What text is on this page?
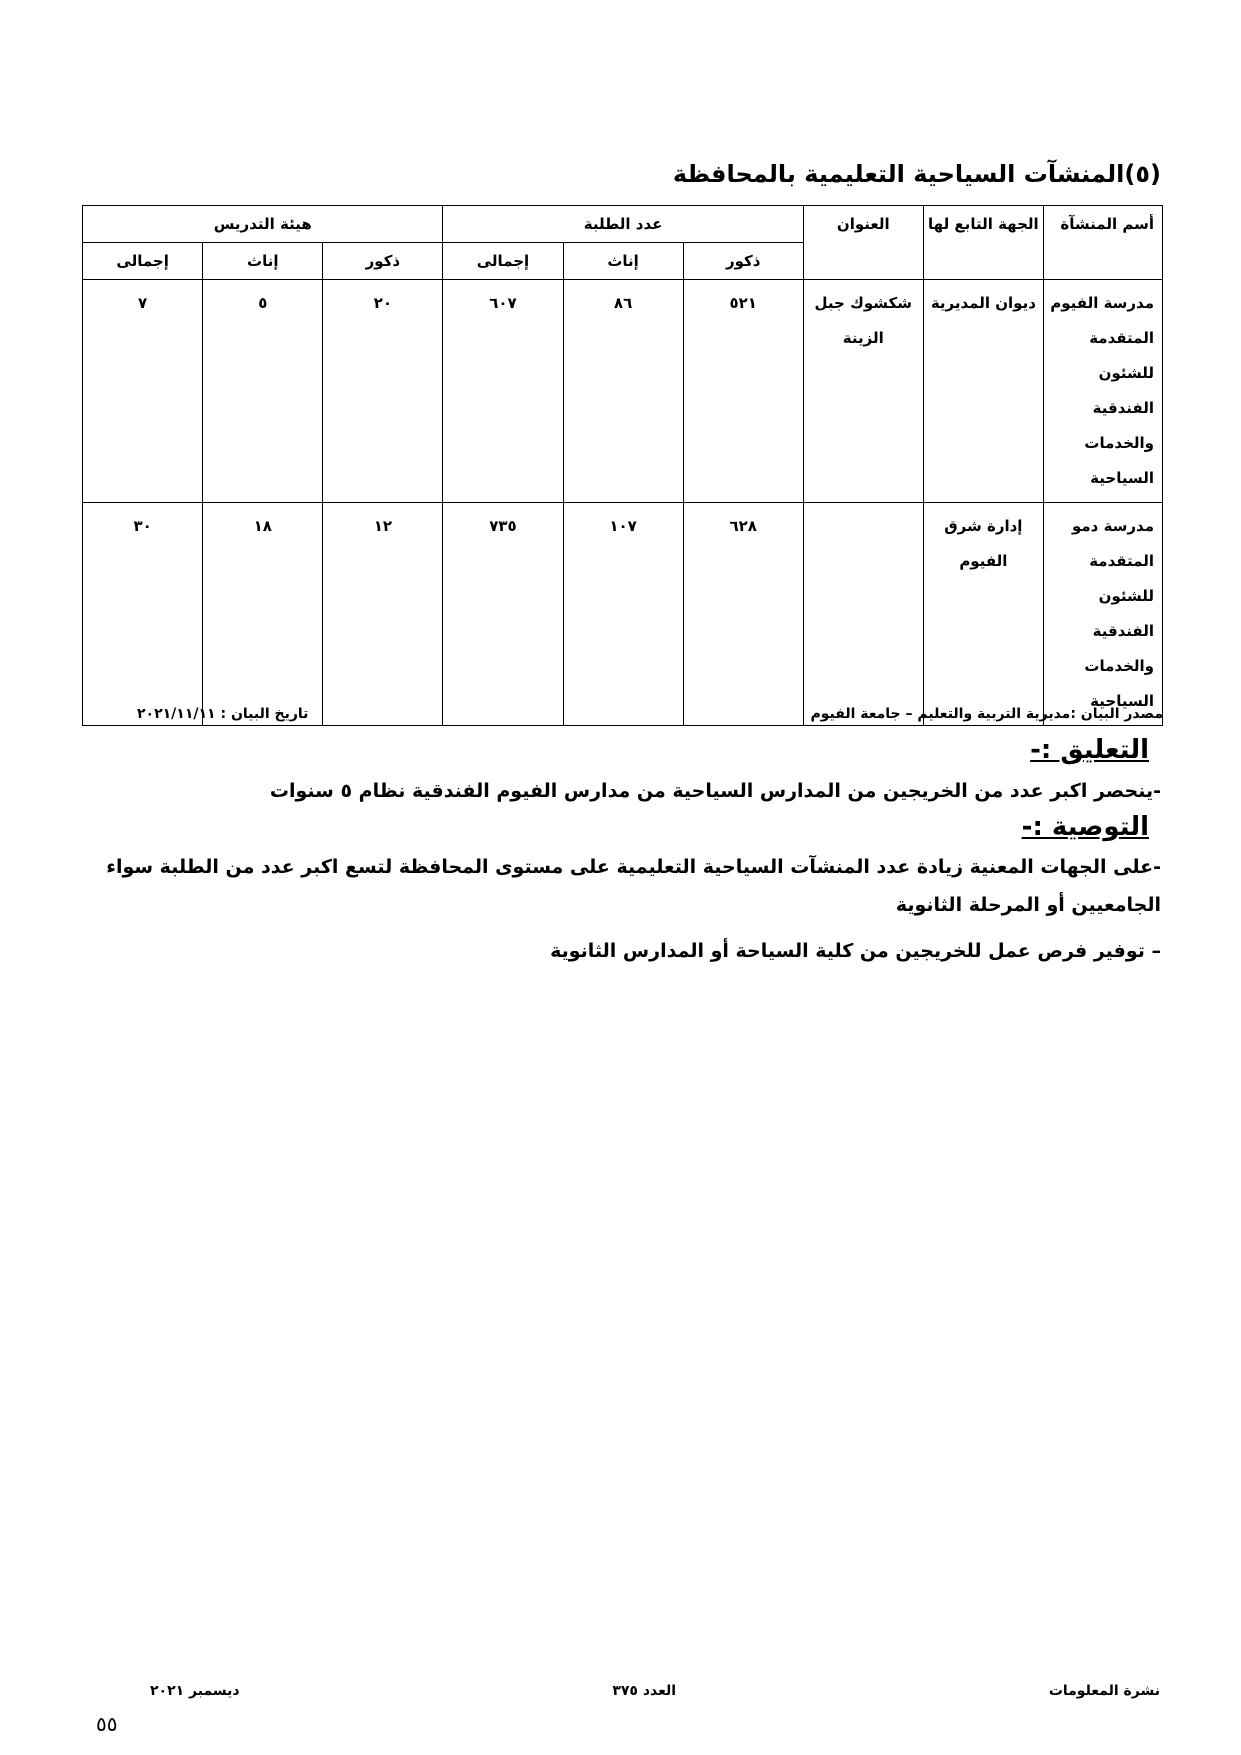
(٥)المنشآت السياحية التعليمية بالمحافظة
أسم المنشآة	الجهة التابع لها	العنوان	عدد الطلبة			هيئة التدريس		
			ذكور	إناث	إجمالى	ذكور	إناث	إجمالى
مدرسة الفيوم المتقدمة للشئون الفندقية والخدمات السياحية	ديوان المديرية	شكشوك جبل الزينة	٥٢١	٨٦	٦٠٧	٢٠	٥	٧
مدرسة دمو المتقدمة للشئون الفندقية والخدمات السياحية	إدارة شرق الفيوم		٦٢٨	١٠٧	٧٣٥	١٢	١٨	٣٠
مصدر البيان :مديرية التربية والتعليم – جامعة الفيوم
تاريخ البيان : ٢٠٢١/١١/١١
التعليق :-
-ينحصر اكبر عدد من الخريجين من المدارس السياحية من مدارس الفيوم الفندقية نظام ٥ سنوات
التوصية :-
-على الجهات المعنية زيادة عدد المنشآت السياحية التعليمية على مستوى المحافظة لتسع اكبر عدد من الطلبة سواء الجامعيين أو المرحلة الثانوية
– توفير فرص عمل للخريجين من كلية السياحة أو المدارس الثانوية
نشرة المعلومات
العدد ٣٧٥
ديسمبر ٢٠٢١
٥٥
